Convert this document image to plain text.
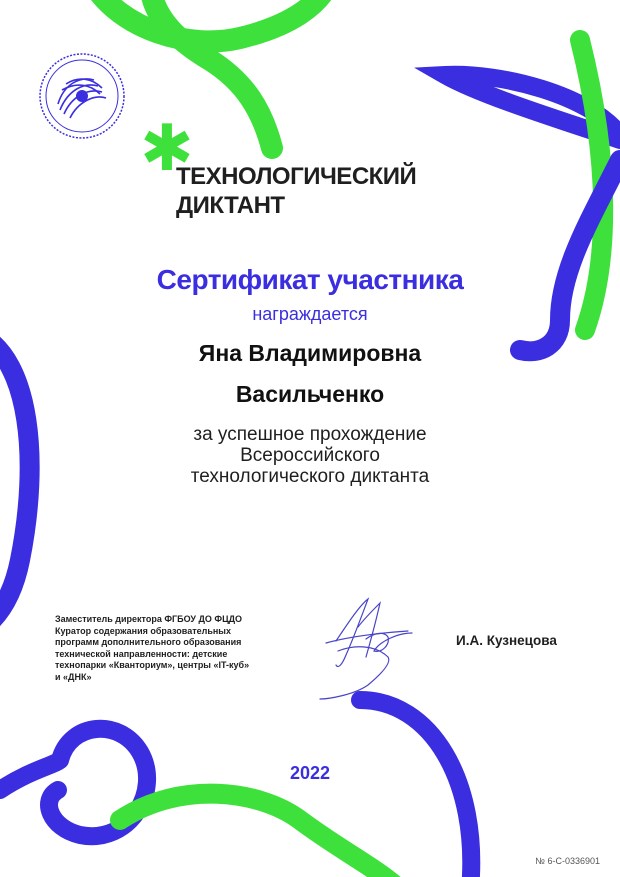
✱
ТЕХНОЛОГИЧЕСКИЙ
ДИКТАНТ
Сертификат участника
награждается
Яна Владимировна
Васильченко
за успешное прохождение
Всероссийского
технологического диктанта
Заместитель директора ФГБОУ ДО ФЦДО
Куратор содержания образовательных
программ дополнительного образования
технической направленности: детские
технопарки «Кванториум», центры «IT-куб»
и «ДНК»
И.А. Кузнецова
2022
№ 6-C-0336901
